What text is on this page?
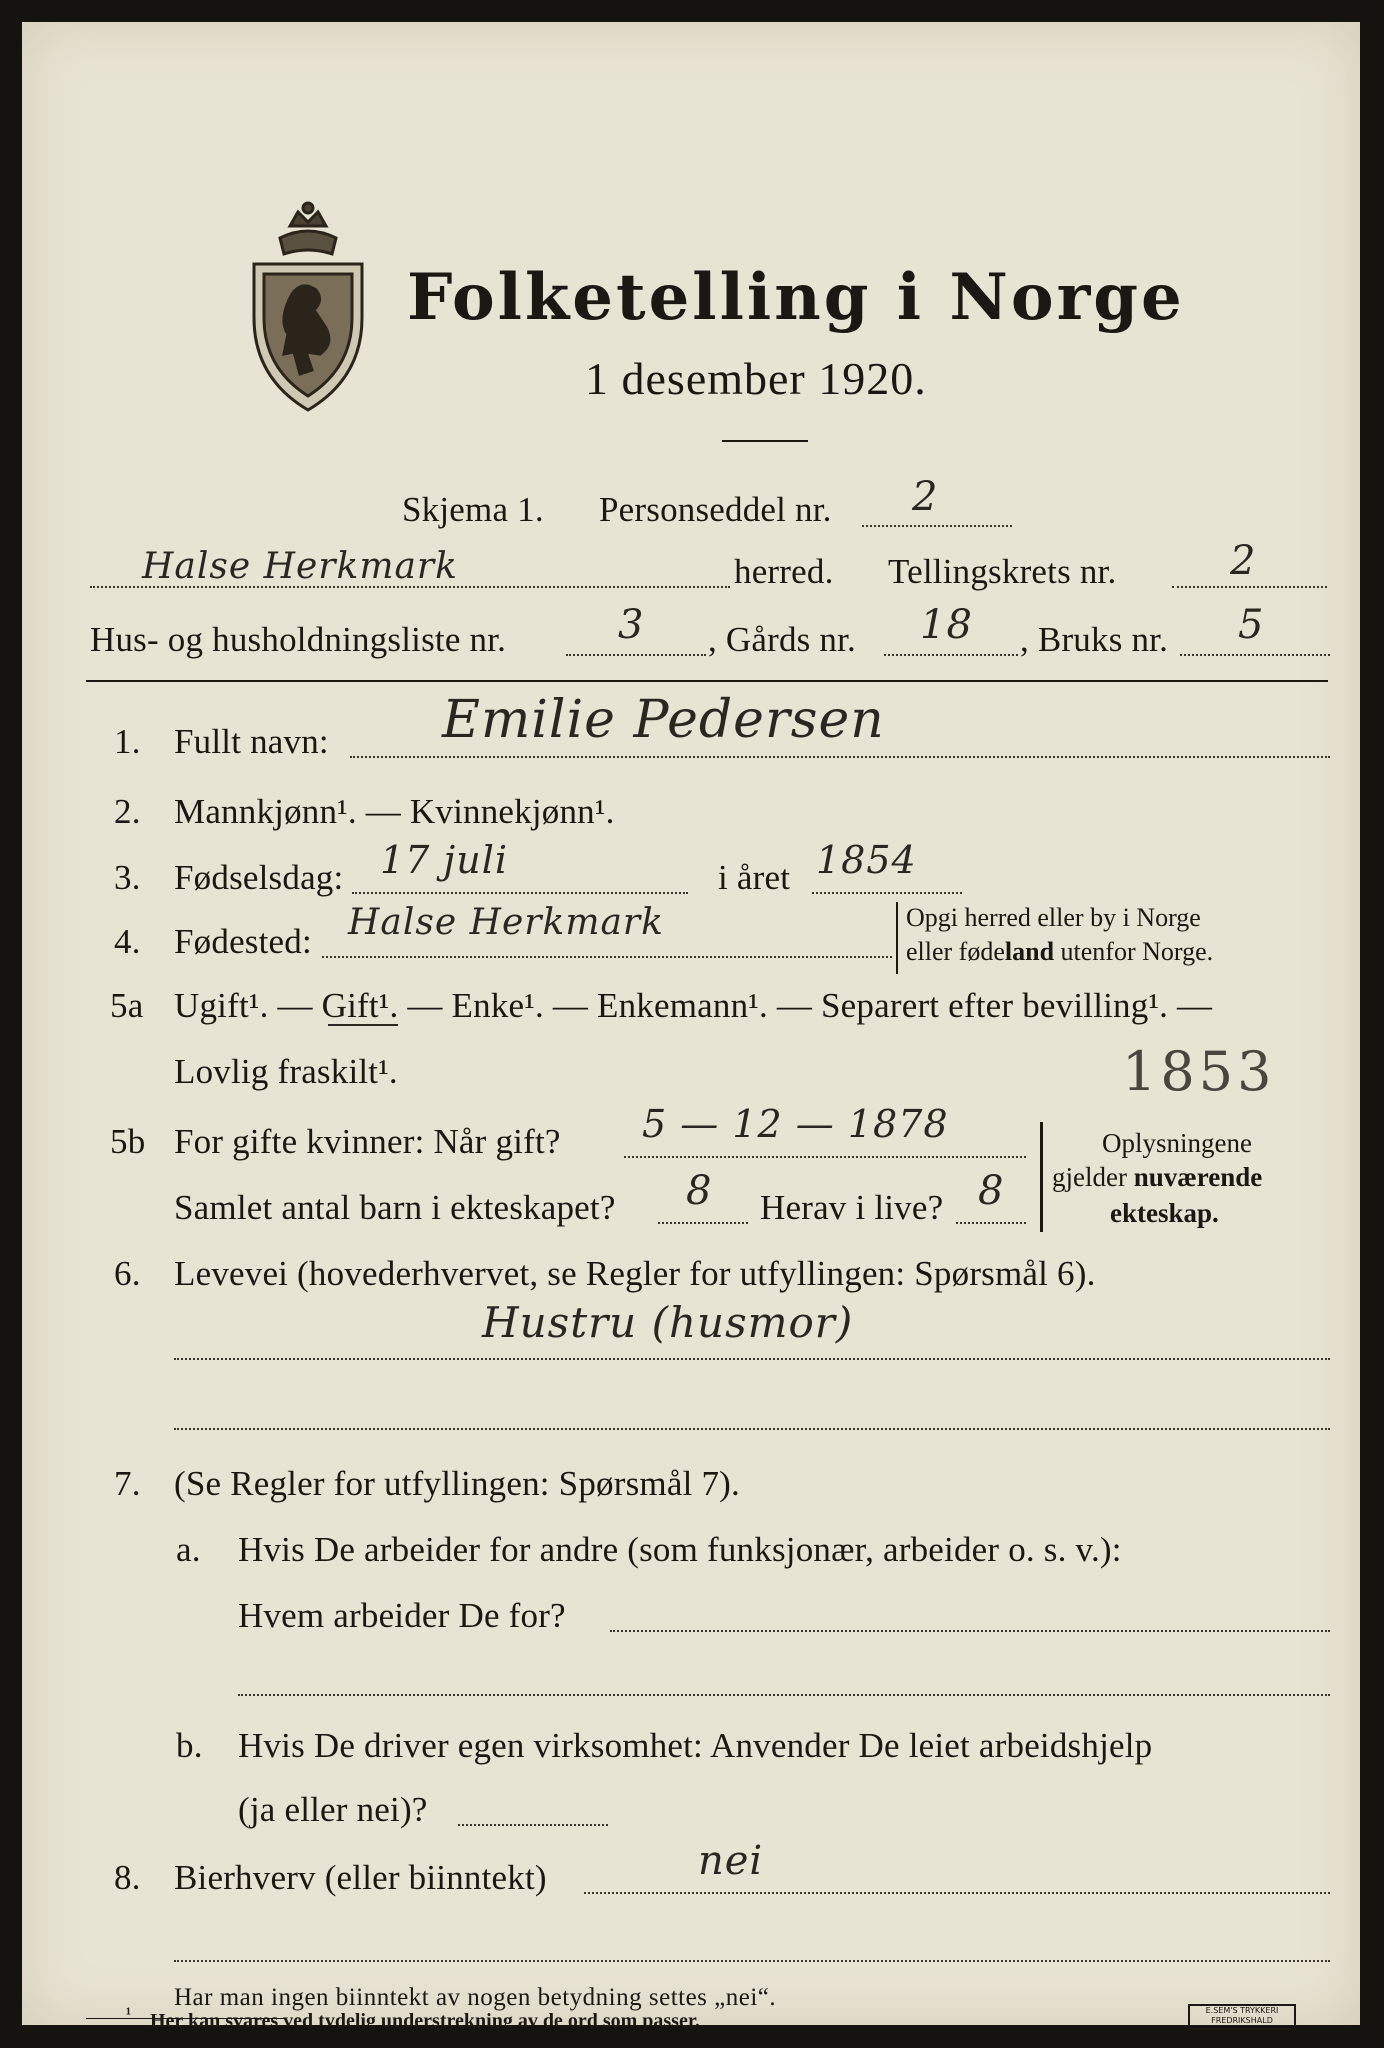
Folketelling i Norge
1 desember 1920.
Skjema 1. Personseddel nr. 2
Halse Herkmark	herred. Tellingskrets nr.	2
Hus- og husholdningsliste nr.	3 , Gårds nr. 18 , Bruks nr. 5
1. Fullt navn: Emilie Pedersen
2. Mannkjønn¹. — Kvinnekjønn¹.
3. Fødselsdag: 17 juli	i året 1854
4. Fødested: Halse Herkmark	Opgi herred eller by i Norge
eller fødeland utenfor Norge.
5a Ugift¹. — Gift¹. — Enke¹. — Enkemann¹. — Separert efter bevilling¹. —
Lovlig fraskilt¹.	1853
5b For gifte kvinner: Når gift? 5 — 12 — 1878
Samlet antal barn i ekteskapet? 8 Herav i live? 8
Oplysningene
gjelder nuværende
ekteskap.
6. Levevei (hovederhvervet, se Regler for utfyllingen: Spørsmål 6).
Hustru (husmor)
7. (Se Regler for utfyllingen: Spørsmål 7).
a. Hvis De arbeider for andre (som funksjonær, arbeider o. s. v.):
Hvem arbeider De for?
b. Hvis De driver egen virksomhet: Anvender De leiet arbeidshjelp
(ja eller nei)?
8. Bierhverv (eller biinntekt)	nei
Har man ingen biinntekt av nogen betydning settes „nei“.
$^{^1}$ Her kan svares ved tydelig understrekning av de ord som passer.	E.SEM'S TRYKKERI
FREDRIKSHALD
